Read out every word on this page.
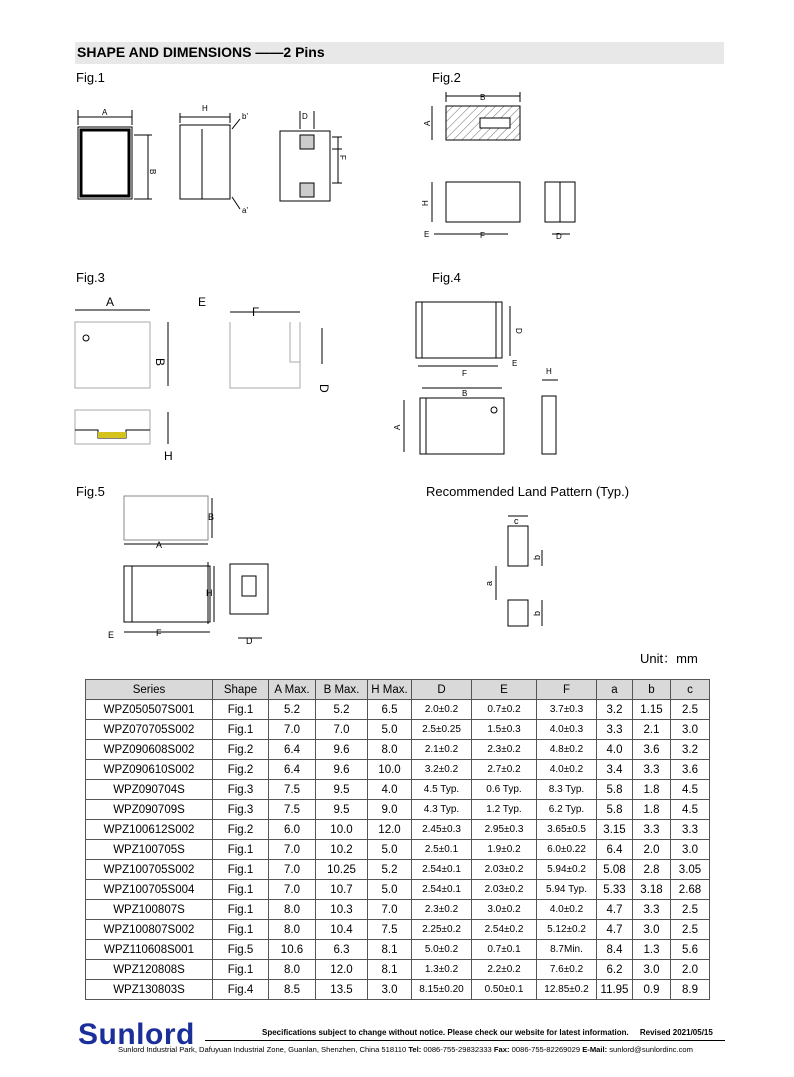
SHAPE AND DIMENSIONS ——2 Pins
Fig.1	Fig.2
Fig.3	Fig.4
Fig.5	Recommended Land Pattern (Typ.)
A
B
H
b'
a'
D
F
B
A
H
E	F	D
A	E
F
B
D
H
D
E
F
B
A
H
B
A
H
E	F
D
c
a
b
b
Unit：mm
Series	Shape	A Max.	B Max.	H Max.	D	E	F	a	b	c
WPZ050507S001	Fig.1	5.2	5.2	6.5	2.0±0.2	0.7±0.2	3.7±0.3	3.2	1.15	2.5
WPZ070705S002	Fig.1	7.0	7.0	5.0	2.5±0.25	1.5±0.3	4.0±0.3	3.3	2.1	3.0
WPZ090608S002	Fig.2	6.4	9.6	8.0	2.1±0.2	2.3±0.2	4.8±0.2	4.0	3.6	3.2
WPZ090610S002	Fig.2	6.4	9.6	10.0	3.2±0.2	2.7±0.2	4.0±0.2	3.4	3.3	3.6
WPZ090704S	Fig.3	7.5	9.5	4.0	4.5 Typ.	0.6 Typ.	8.3 Typ.	5.8	1.8	4.5
WPZ090709S	Fig.3	7.5	9.5	9.0	4.3 Typ.	1.2 Typ.	6.2 Typ.	5.8	1.8	4.5
WPZ100612S002	Fig.2	6.0	10.0	12.0	2.45±0.3	2.95±0.3	3.65±0.5	3.15	3.3	3.3
WPZ100705S	Fig.1	7.0	10.2	5.0	2.5±0.1	1.9±0.2	6.0±0.22	6.4	2.0	3.0
WPZ100705S002	Fig.1	7.0	10.25	5.2	2.54±0.1	2.03±0.2	5.94±0.2	5.08	2.8	3.05
WPZ100705S004	Fig.1	7.0	10.7	5.0	2.54±0.1	2.03±0.2	5.94 Typ.	5.33	3.18	2.68
WPZ100807S	Fig.1	8.0	10.3	7.0	2.3±0.2	3.0±0.2	4.0±0.2	4.7	3.3	2.5
WPZ100807S002	Fig.1	8.0	10.4	7.5	2.25±0.2	2.54±0.2	5.12±0.2	4.7	3.0	2.5
WPZ110608S001	Fig.5	10.6	6.3	8.1	5.0±0.2	0.7±0.1	8.7Min.	8.4	1.3	5.6
WPZ120808S	Fig.1	8.0	12.0	8.1	1.3±0.2	2.2±0.2	7.6±0.2	6.2	3.0	2.0
WPZ130803S	Fig.4	8.5	13.5	3.0	8.15±0.20	0.50±0.1	12.85±0.2	11.95	0.9	8.9
Sunlord	Specifications subject to change without notice. Please check our website for latest information. Revised 2021/05/15
Sunlord Industrial Park, Dafuyuan Industrial Zone, Guanlan, Shenzhen, China 518110 Tel: 0086-755-29832333 Fax: 0086-755-82269029 E-Mail: sunlord@sunlordinc.com
